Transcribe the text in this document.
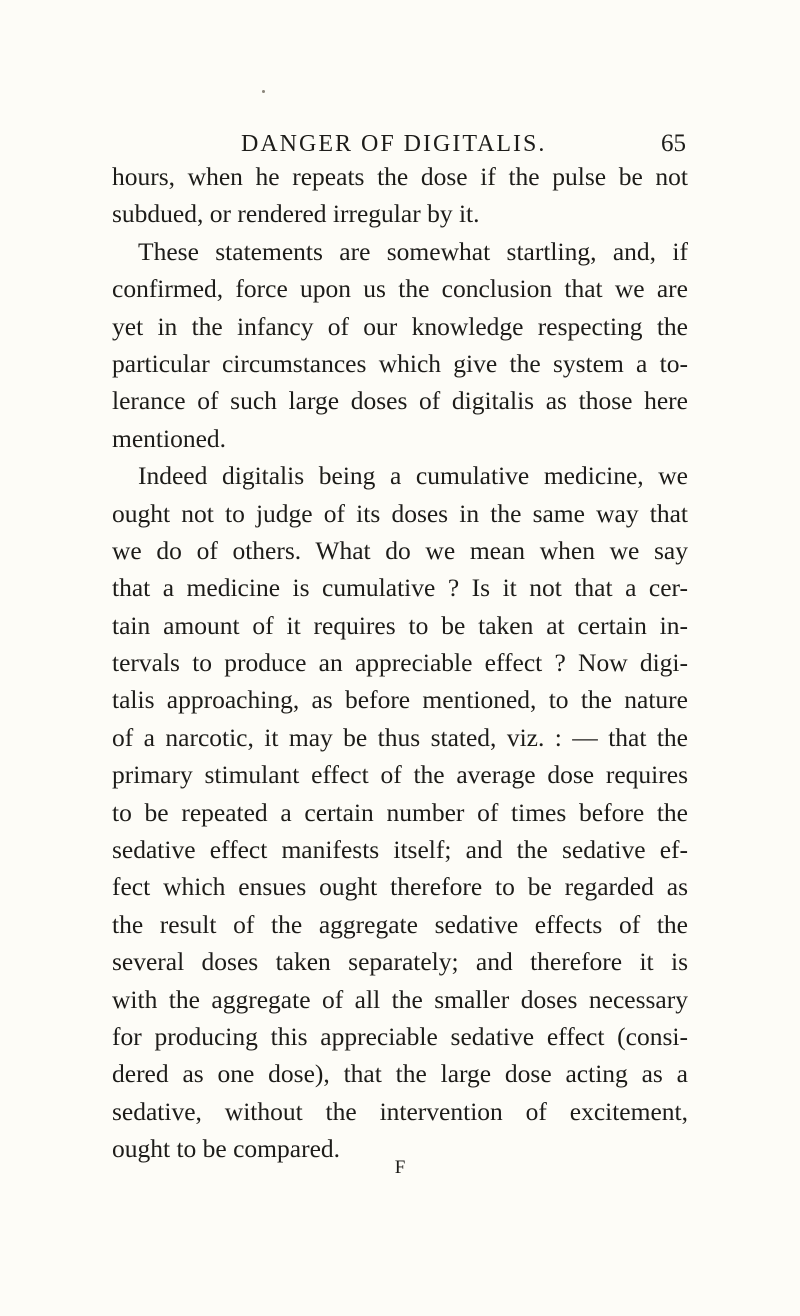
DANGER OF DIGITALIS.	65
hours, when he repeats the dose if the pulse be not
subdued, or rendered irregular by it.
These statements are somewhat startling, and, if
confirmed, force upon us the conclusion that we are
yet in the infancy of our knowledge respecting the
particular circumstances which give the system a to-
lerance of such large doses of digitalis as those here
mentioned.
Indeed digitalis being a cumulative medicine, we
ought not to judge of its doses in the same way that
we do of others. What do we mean when we say
that a medicine is cumulative ? Is it not that a cer-
tain amount of it requires to be taken at certain in-
tervals to produce an appreciable effect ? Now digi-
talis approaching, as before mentioned, to the nature
of a narcotic, it may be thus stated, viz. : — that the
primary stimulant effect of the average dose requires
to be repeated a certain number of times before the
sedative effect manifests itself; and the sedative ef-
fect which ensues ought therefore to be regarded as
the result of the aggregate sedative effects of the
several doses taken separately; and therefore it is
with the aggregate of all the smaller doses necessary
for producing this appreciable sedative effect (consi-
dered as one dose), that the large dose acting as a
sedative, without the intervention of excitement,
ought to be compared.
F
